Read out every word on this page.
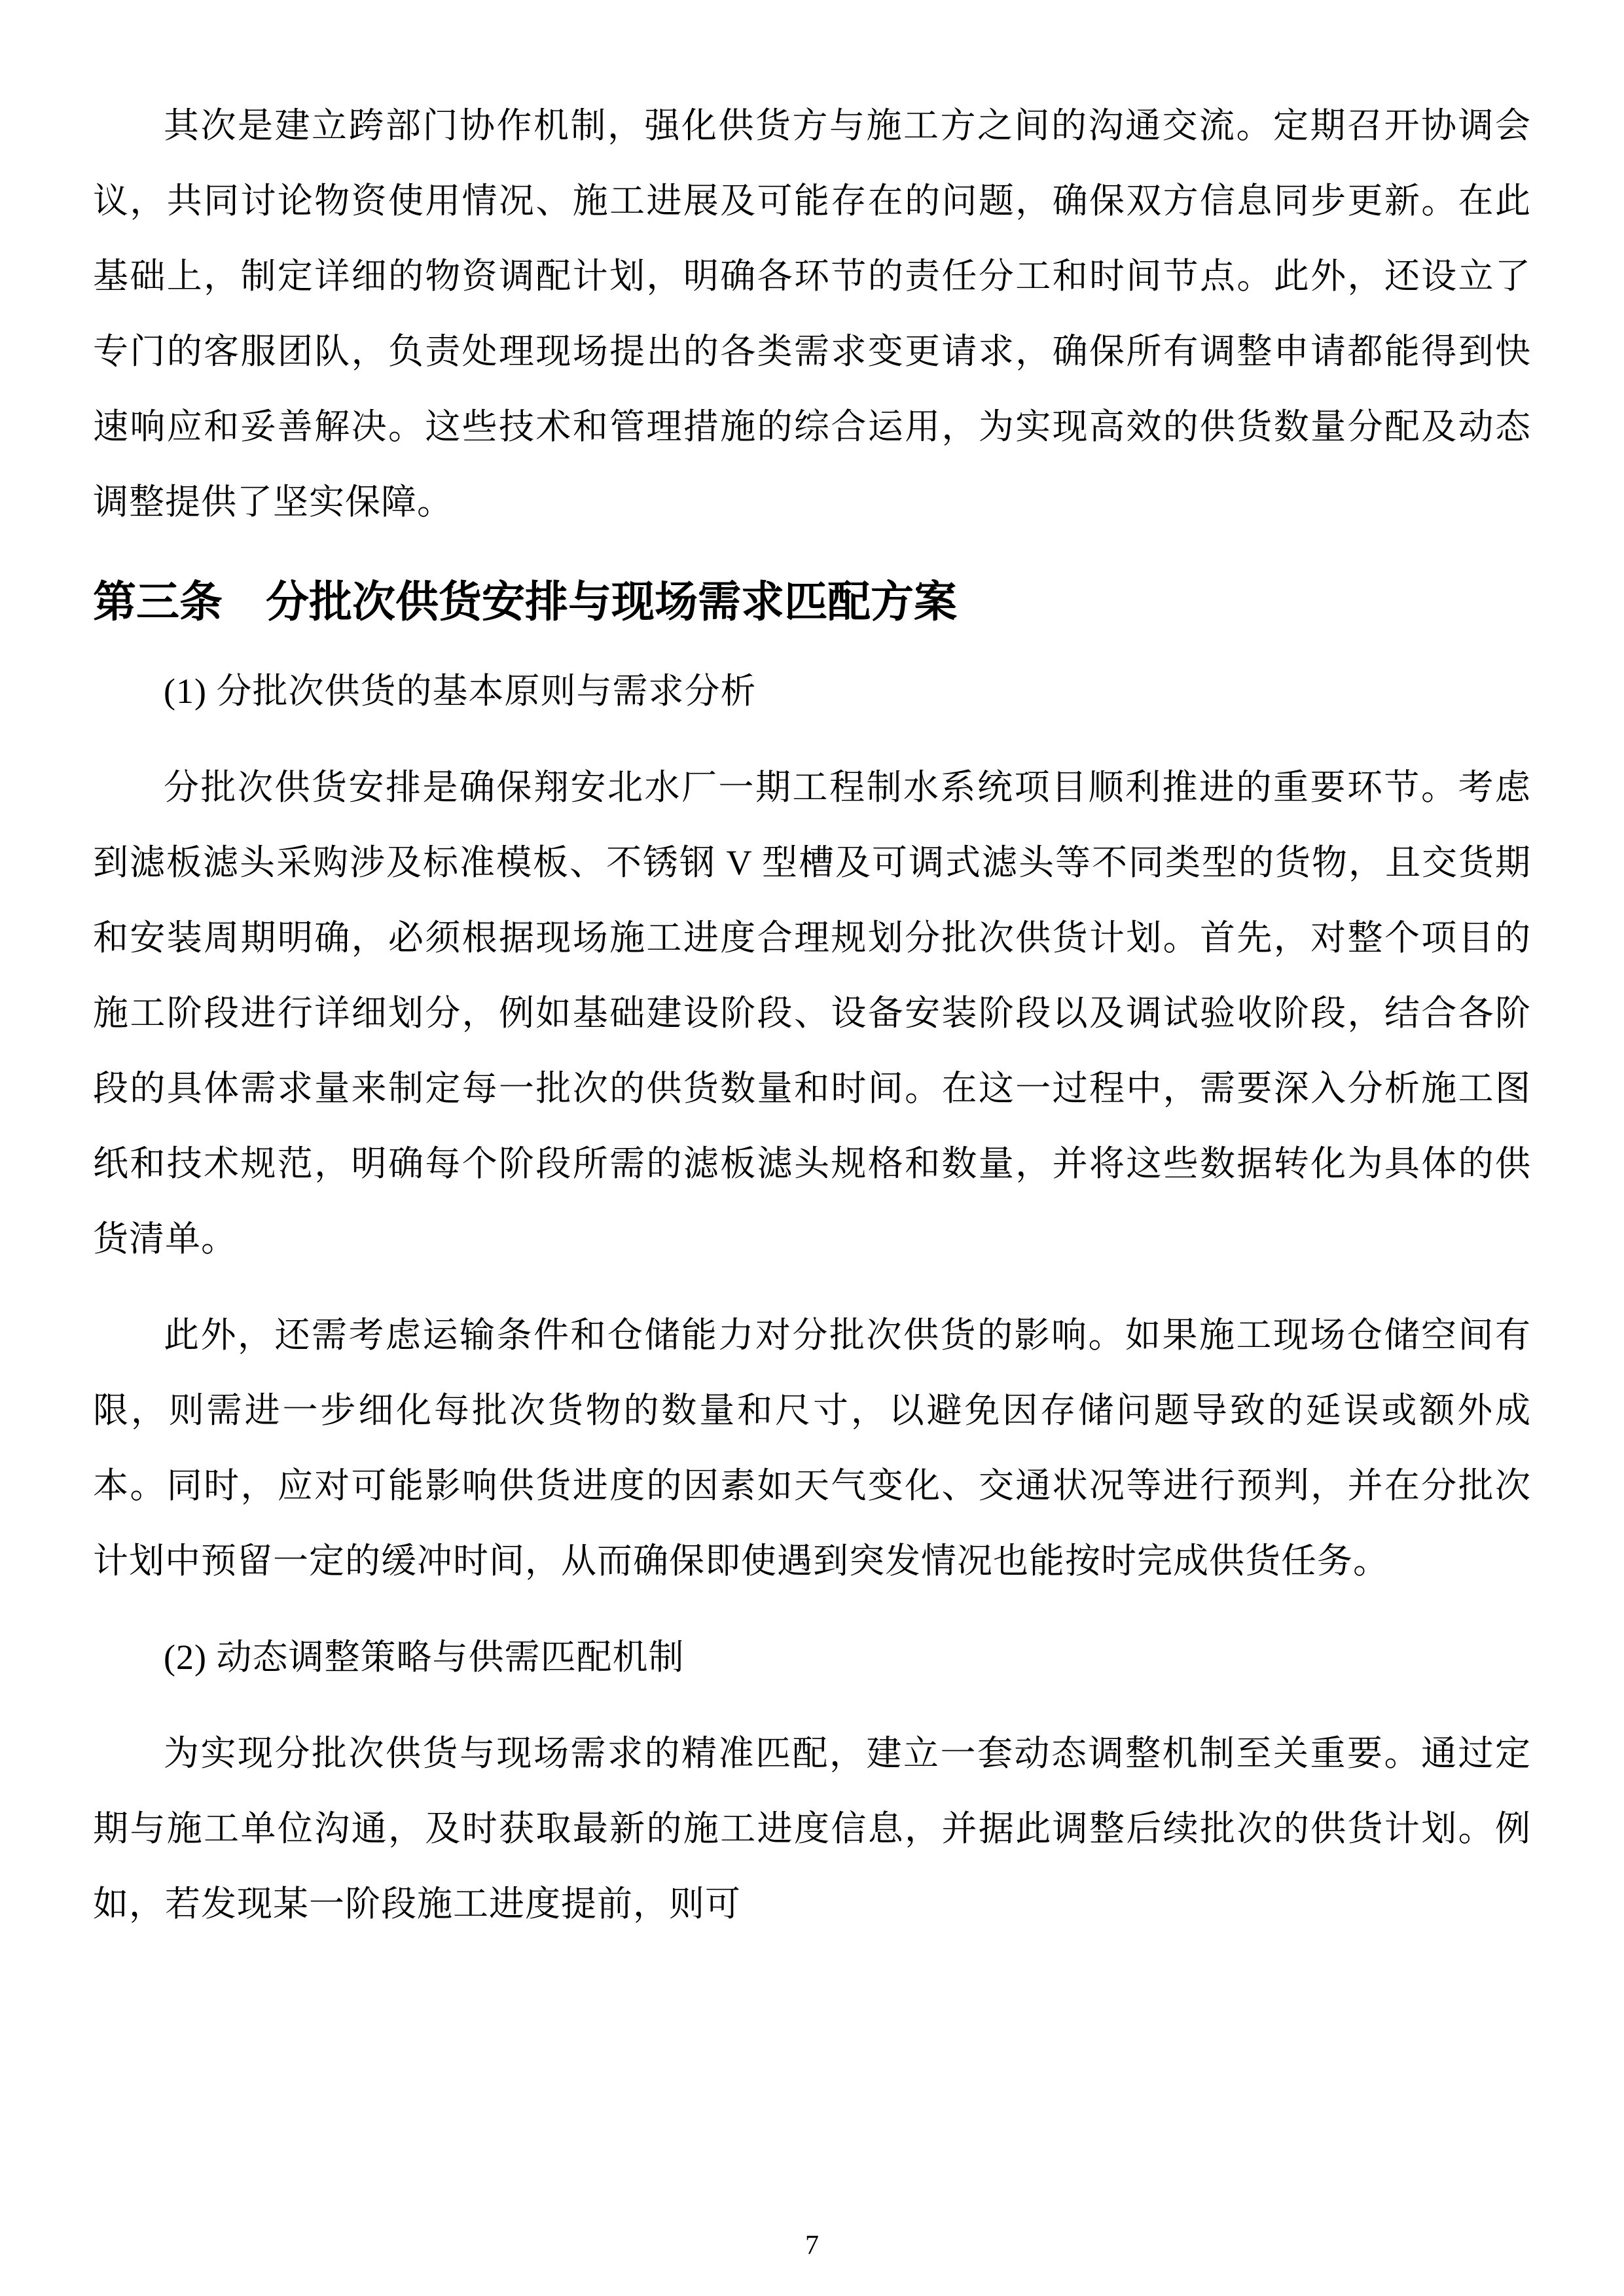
其次是建立跨部门协作机制，强化供货方与施工方之间的沟通交流。定期召开协调会议，共同讨论物资使用情况、施工进展及可能存在的问题，确保双方信息同步更新。在此基础上，制定详细的物资调配计划，明确各环节的责任分工和时间节点。此外，还设立了专门的客服团队，负责处理现场提出的各类需求变更请求，确保所有调整申请都能得到快速响应和妥善解决。这些技术和管理措施的综合运用，为实现高效的供货数量分配及动态调整提供了坚实保障。

第三条　分批次供货安排与现场需求匹配方案

(1) 分批次供货的基本原则与需求分析

分批次供货安排是确保翔安北水厂一期工程制水系统项目顺利推进的重要环节。考虑到滤板滤头采购涉及标准模板、不锈钢 V 型槽及可调式滤头等不同类型的货物，且交货期和安装周期明确，必须根据现场施工进度合理规划分批次供货计划。首先，对整个项目的施工阶段进行详细划分，例如基础建设阶段、设备安装阶段以及调试验收阶段，结合各阶段的具体需求量来制定每一批次的供货数量和时间。在这一过程中，需要深入分析施工图纸和技术规范，明确每个阶段所需的滤板滤头规格和数量，并将这些数据转化为具体的供货清单。

此外，还需考虑运输条件和仓储能力对分批次供货的影响。如果施工现场仓储空间有限，则需进一步细化每批次货物的数量和尺寸，以避免因存储问题导致的延误或额外成本。同时，应对可能影响供货进度的因素如天气变化、交通状况等进行预判，并在分批次计划中预留一定的缓冲时间，从而确保即使遇到突发情况也能按时完成供货任务。

(2) 动态调整策略与供需匹配机制

为实现分批次供货与现场需求的精准匹配，建立一套动态调整机制至关重要。通过定期与施工单位沟通，及时获取最新的施工进度信息，并据此调整后续批次的供货计划。例如，若发现某一阶段施工进度提前，则可

7
